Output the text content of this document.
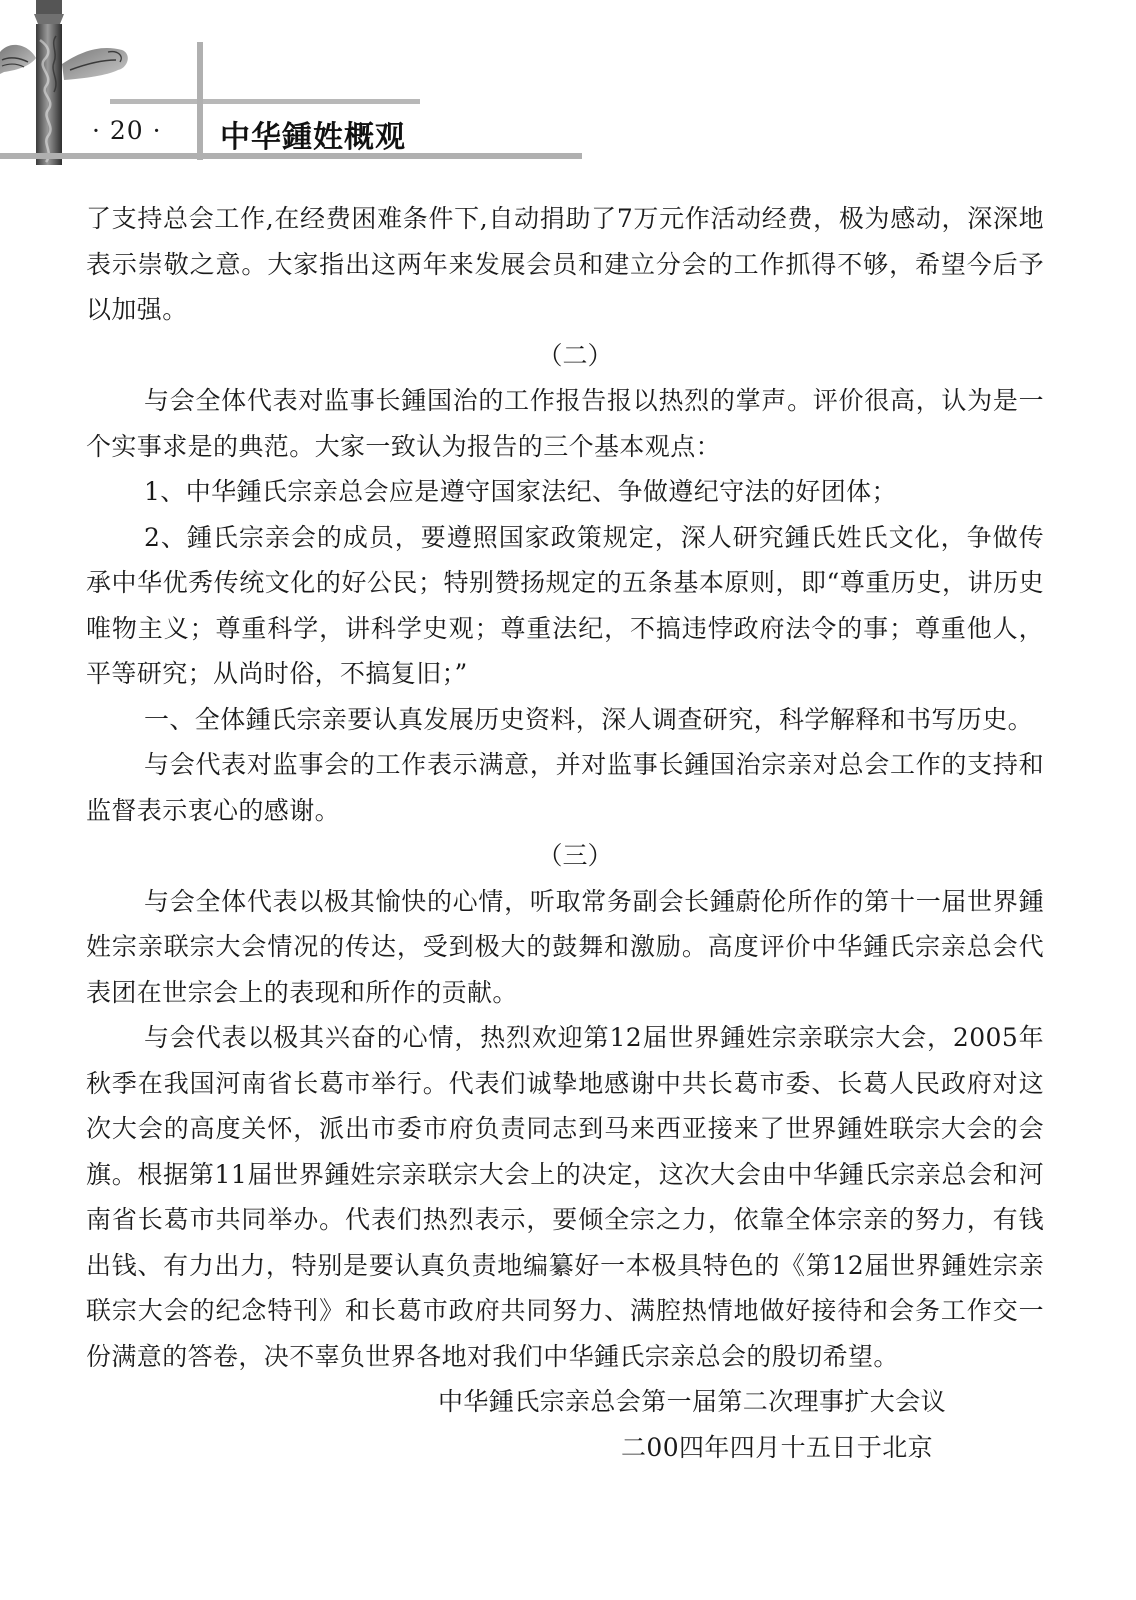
· 20 · 中华鍾姓概观

了支持总会工作,在经费困难条件下,自动捐助了7万元作活动经费，极为感动，深深地表示崇敬之意。大家指出这两年来发展会员和建立分会的工作抓得不够，希望今后予以加强。

（二）

与会全体代表对监事长鍾国治的工作报告报以热烈的掌声。评价很高，认为是一个实事求是的典范。大家一致认为报告的三个基本观点：

1、中华鍾氏宗亲总会应是遵守国家法纪、争做遵纪守法的好团体；

2、鍾氏宗亲会的成员，要遵照国家政策规定，深人研究鍾氏姓氏文化，争做传承中华优秀传统文化的好公民；特别赞扬规定的五条基本原则，即“尊重历史，讲历史唯物主义；尊重科学，讲科学史观；尊重法纪，不搞违悖政府法令的事；尊重他人，平等研究；从尚时俗，不搞复旧；”

一、全体鍾氏宗亲要认真发展历史资料，深人调查研究，科学解释和书写历史。

与会代表对监事会的工作表示满意，并对监事长鍾国治宗亲对总会工作的支持和监督表示衷心的感谢。

（三）

与会全体代表以极其愉快的心情，听取常务副会长鍾蔚伦所作的第十一届世界鍾姓宗亲联宗大会情况的传达，受到极大的鼓舞和激励。高度评价中华鍾氏宗亲总会代表团在世宗会上的表现和所作的贡献。

与会代表以极其兴奋的心情，热烈欢迎第12届世界鍾姓宗亲联宗大会，2005年秋季在我国河南省长葛市举行。代表们诚挚地感谢中共长葛市委、长葛人民政府对这次大会的高度关怀，派出市委市府负责同志到马来西亚接来了世界鍾姓联宗大会的会旗。根据第11届世界鍾姓宗亲联宗大会上的决定，这次大会由中华鍾氏宗亲总会和河南省长葛市共同举办。代表们热烈表示，要倾全宗之力，依靠全体宗亲的努力，有钱出钱、有力出力，特别是要认真负责地编纂好一本极具特色的《第12届世界鍾姓宗亲联宗大会的纪念特刊》和长葛市政府共同努力、满腔热情地做好接待和会务工作交一份满意的答卷，决不辜负世界各地对我们中华鍾氏宗亲总会的殷切希望。

中华鍾氏宗亲总会第一届第二次理事扩大会议

二00四年四月十五日于北京
